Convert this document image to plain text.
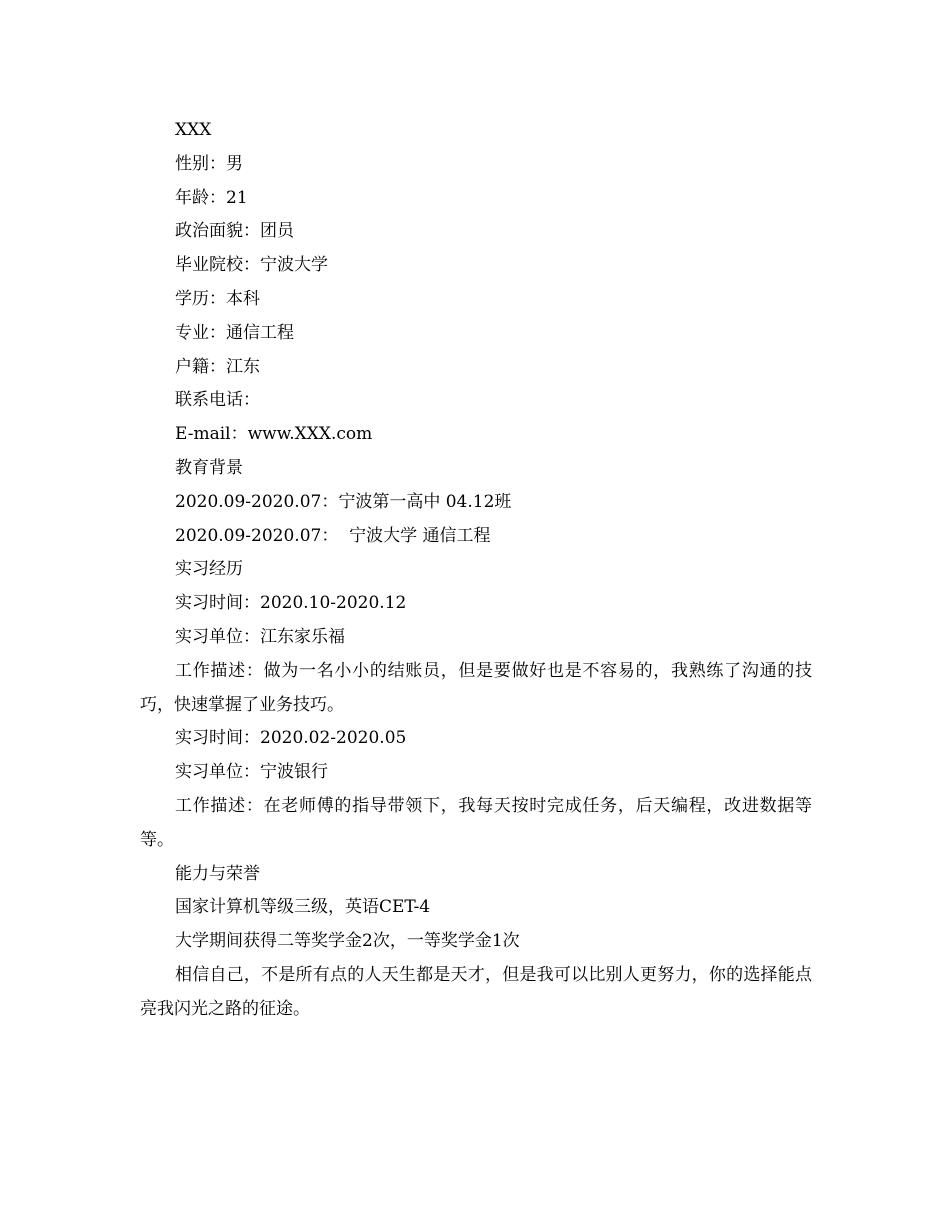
XXX

性别：男

年龄：21

政治面貌：团员

毕业院校：宁波大学

学历：本科

专业：通信工程

户籍：江东

联系电话：

E-mail：www.XXX.com

教育背景

2020.09-2020.07：宁波第一高中 04.12班

2020.09-2020.07：  宁波大学 通信工程

实习经历

实习时间：2020.10-2020.12

实习单位：江东家乐福

工作描述：做为一名小小的结账员，但是要做好也是不容易的，我熟练了沟通的技巧，快速掌握了业务技巧。

实习时间：2020.02-2020.05

实习单位：宁波银行

工作描述：在老师傅的指导带领下，我每天按时完成任务，后天编程，改进数据等等。

能力与荣誉

国家计算机等级三级，英语CET-4

大学期间获得二等奖学金2次，一等奖学金1次

相信自己，不是所有点的人天生都是天才，但是我可以比别人更努力，你的选择能点亮我闪光之路的征途。
